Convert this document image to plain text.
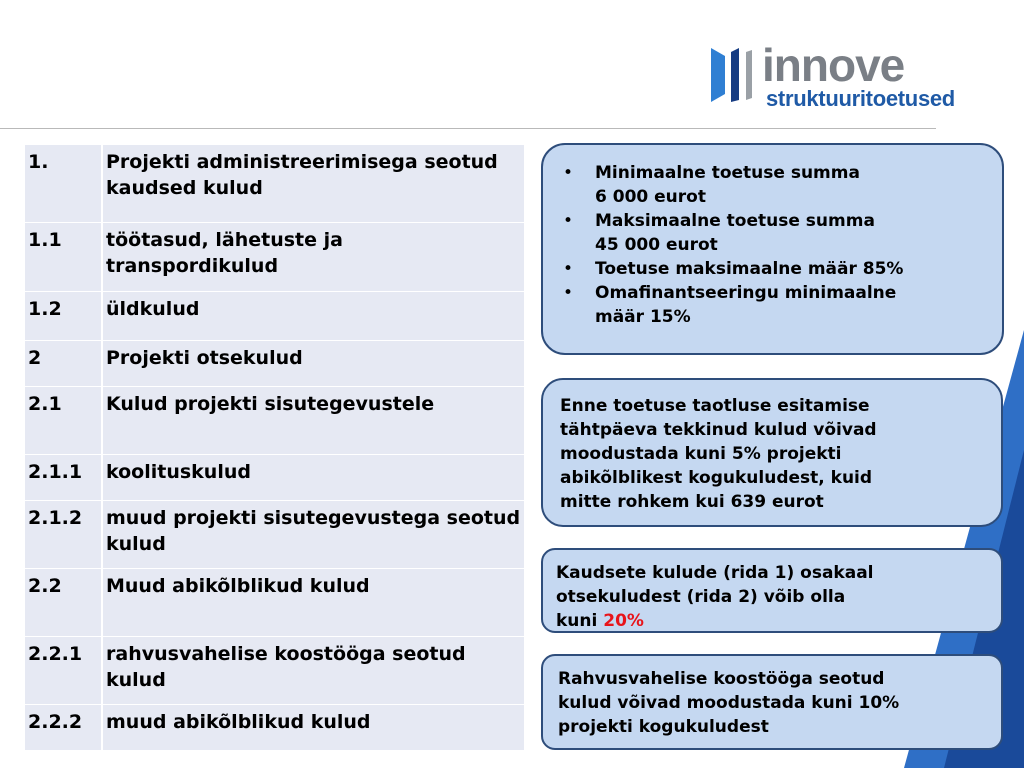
innove
struktuuritoetused
1.	Projekti administreerimisega seotud kaudsed kulud
1.1	töötasud, lähetuste ja transpordikulud
1.2	üldkulud
2	Projekti otsekulud
2.1	Kulud projekti sisutegevustele
2.1.1	koolituskulud
2.1.2	muud projekti sisutegevustega seotud kulud
2.2	Muud abikõlblikud kulud
2.2.1	rahvusvahelise koostööga seotud kulud
2.2.2	muud abikõlblikud kulud
• Minimaalne toetuse summa
6 000 eurot
• Maksimaalne toetuse summa
45 000 eurot
• Toetuse maksimaalne määr 85%
• Omafinantseeringu minimaalne
määr 15%
Enne toetuse taotluse esitamise
tähtpäeva tekkinud kulud võivad
moodustada kuni 5% projekti
abikõlblikest kogukuludest, kuid
mitte rohkem kui 639 eurot
Kaudsete kulude (rida 1) osakaal
otsekuludest (rida 2) võib olla
kuni 20%
Rahvusvahelise koostööga seotud
kulud võivad moodustada kuni 10%
projekti kogukuludest
